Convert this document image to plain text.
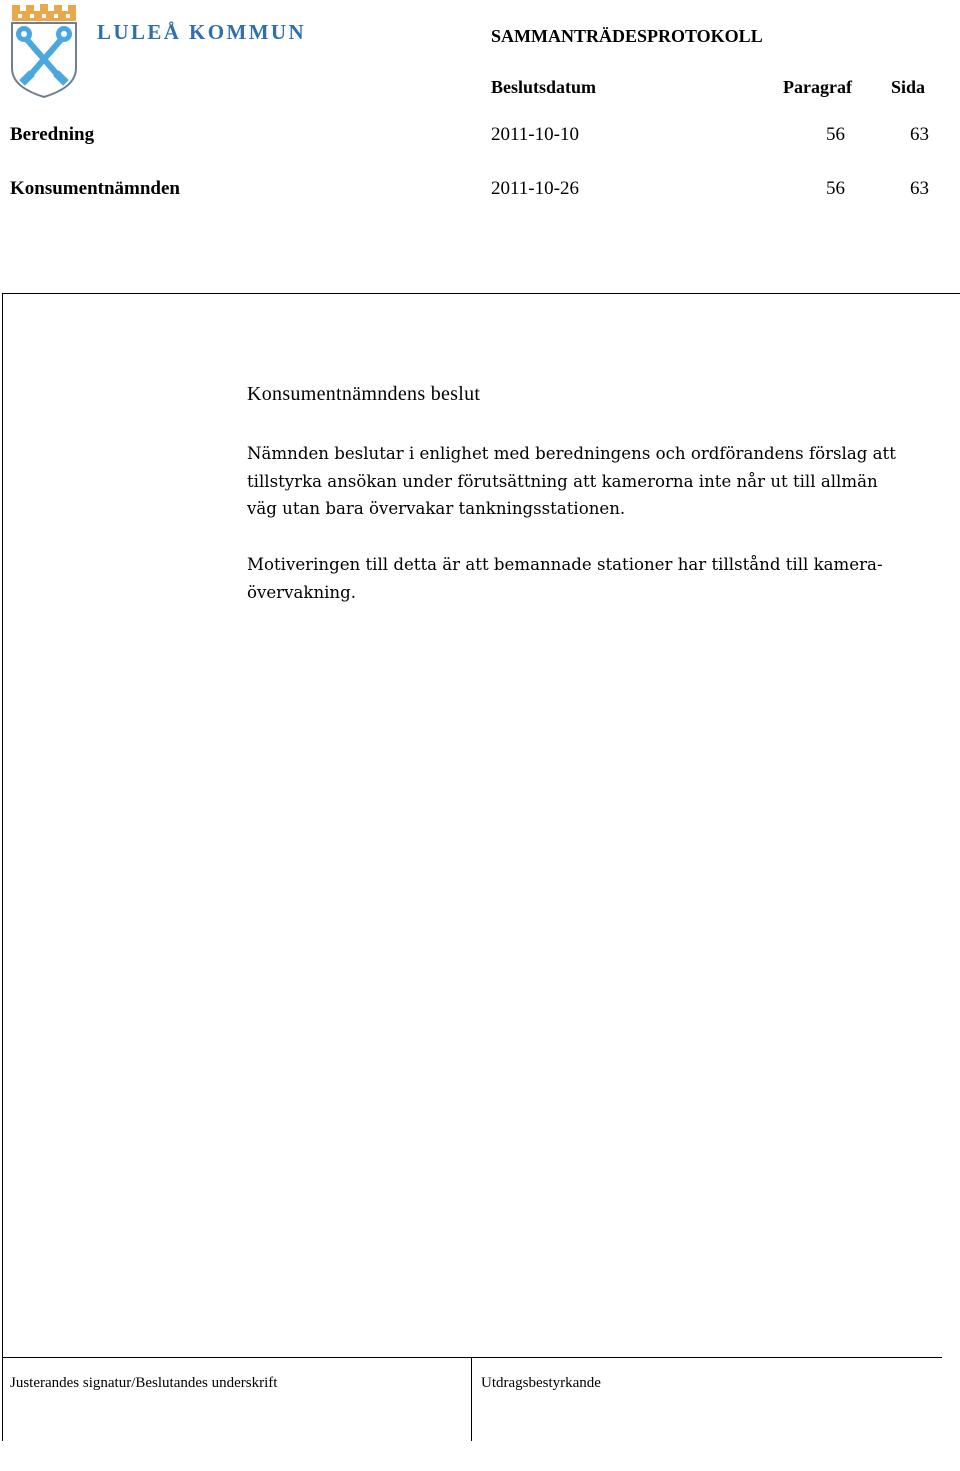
LULEÅ KOMMUN	SAMMANTRÄDESPROTOKOLL
Beslutsdatum	Paragraf Sida
Beredning	2011-10-10	56	63
Konsumentnämnden	2011-10-26	56	63
Konsumentnämndens beslut
Nämnden beslutar i enlighet med beredningens och ordförandens förslag att
tillstyrka ansökan under förutsättning att kamerorna inte når ut till allmän
väg utan bara övervakar tankningsstationen.
Motiveringen till detta är att bemannade stationer har tillstånd till kamera-
övervakning.
Justerandes signatur/Beslutandes underskrift	Utdragsbestyrkande
